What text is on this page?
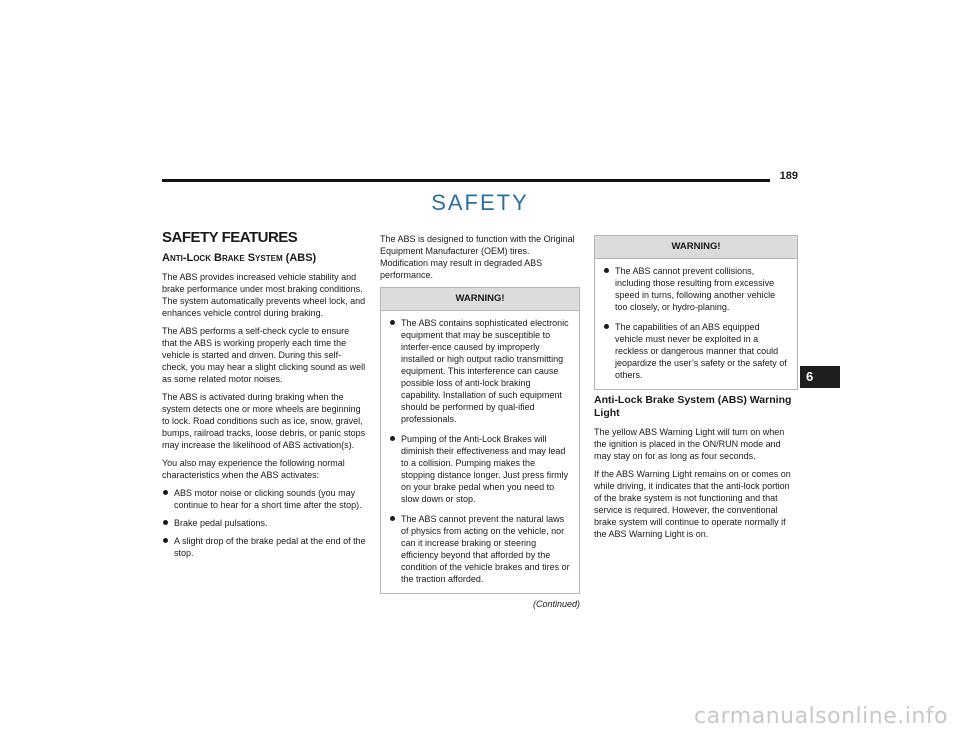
189
SAFETY
SAFETY FEATURES
Anti-Lock Brake System (ABS)

The ABS provides increased vehicle stability and brake performance under most braking conditions. The system automatically prevents wheel lock, and enhances vehicle control during braking.

The ABS performs a self-check cycle to ensure that the ABS is working properly each time the vehicle is started and driven. During this self-check, you may hear a slight clicking sound as well as some related motor noises.

The ABS is activated during braking when the system detects one or more wheels are beginning to lock. Road conditions such as ice, snow, gravel, bumps, railroad tracks, loose debris, or panic stops may increase the likelihood of ABS activation(s).

You also may experience the following normal characteristics when the ABS activates:

ABS motor noise or clicking sounds (you may continue to hear for a short time after the stop).
Brake pedal pulsations.
A slight drop of the brake pedal at the end of the stop.

The ABS is designed to function with the Original Equipment Manufacturer (OEM) tires. Modification may result in degraded ABS performance.

WARNING!
The ABS contains sophisticated electronic equipment that may be susceptible to interfer-ence caused by improperly installed or high output radio transmitting equipment. This interference can cause possible loss of anti-lock braking capability. Installation of such equipment should be performed by qual-ified professionals.
Pumping of the Anti-Lock Brakes will diminish their effectiveness and may lead to a collision. Pumping makes the stopping distance longer. Just press firmly on your brake pedal when you need to slow down or stop.
The ABS cannot prevent the natural laws of physics from acting on the vehicle, nor can it increase braking or steering efficiency beyond that afforded by the condition of the vehicle brakes and tires or the traction afforded.
(Continued)
WARNING!
The ABS cannot prevent collisions, including those resulting from excessive speed in turns, following another vehicle too closely, or hydro-planing.
The capabilities of an ABS equipped vehicle must never be exploited in a reckless or dangerous manner that could jeopardize the user’s safety or the safety of others.
Anti-Lock Brake System (ABS) Warning Light

The yellow ABS Warning Light will turn on when the ignition is placed in the ON/RUN mode and may stay on for as long as four seconds.

If the ABS Warning Light remains on or comes on while driving, it indicates that the anti-lock portion of the brake system is not functioning and that service is required. However, the conventional brake system will continue to operate normally if the ABS Warning Light is on.

6
carmanualsonline.info
